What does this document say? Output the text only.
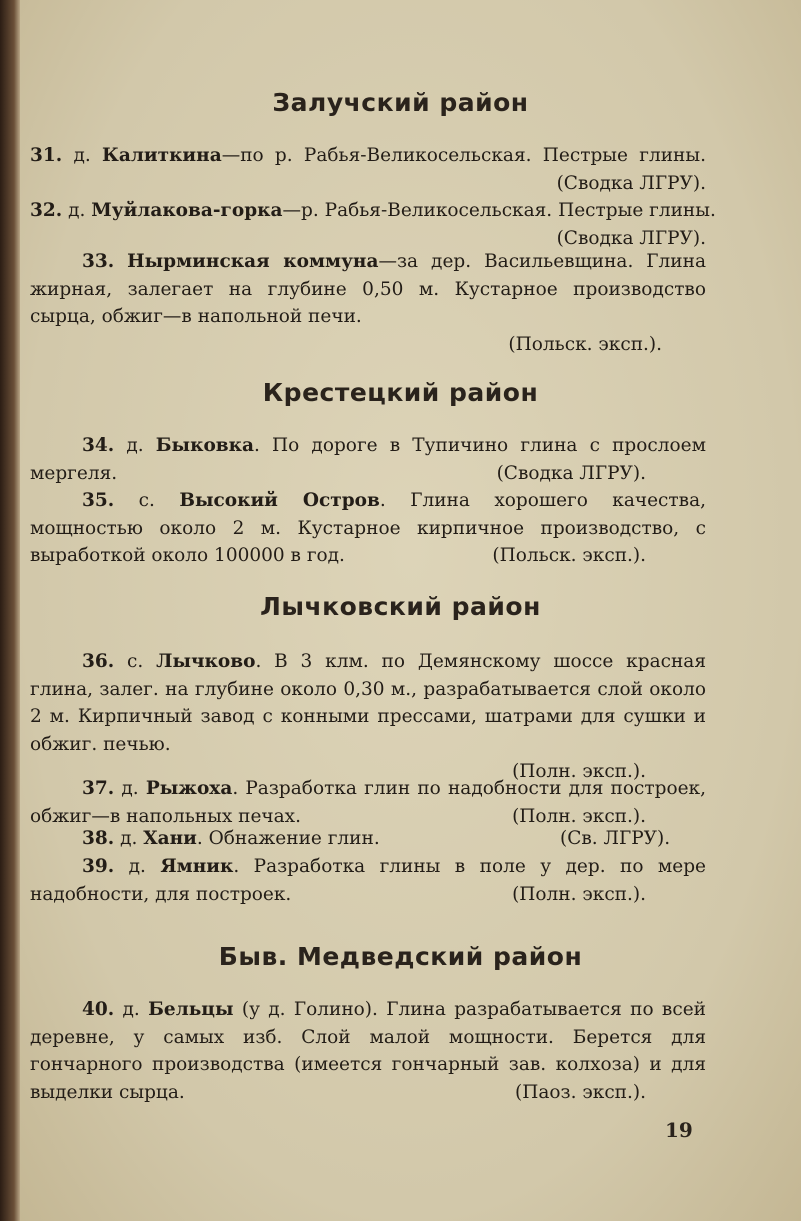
Залучский район
31. д. Калиткина—по р. Рабья-Великосельская. Пестрые глины.

(Сводка ЛГРУ).
32. д. Муйлакова-горка—р. Рабья-Великосельская. Пестрые глины.

(Сводка ЛГРУ).

33. Нырминская коммуна—за дер. Васильевщина. Глина жирная, залегает на глубине 0,50 м. Кустарное производство сырца, обжиг—в напольной печи.

(Польск. эксп.).

Крестецкий район

34. д. Быковка. По дороге в Тупичино глина с прослоем мергеля.	(Сводка ЛГРУ).

35. с. Высокий Остров. Глина хорошего качества, мощностью около 2 м. Кустарное кирпичное производство, с выработкой около 100000 в год.	(Польск. эксп.).

Лычковский район

36. с. Лычково. В 3 клм. по Демянскому шоссе красная глина, залег. на глубине около 0,30 м., разрабатывается слой около 2 м. Кирпичный завод с конными прессами, шатрами для сушки и обжиг. печью.

(Полн. эксп.).

37. д. Рыжоха. Разработка глин по надобности для построек, обжиг—в напольных печах.	(Полн. эксп.).

38. д. Хани. Обнажение глин.	(Св. ЛГРУ).

39. д. Ямник. Разработка глины в поле у дер. по мере надобности, для построек.	(Полн. эксп.).

Быв. Медведский район

40. д. Бельцы (у д. Голино). Глина разрабатывается по всей деревне, у самых изб. Слой малой мощности. Берется для гончарного производства (имеется гончарный зав. колхоза) и для выделки сырца.	(Паоз. эксп.).

19
